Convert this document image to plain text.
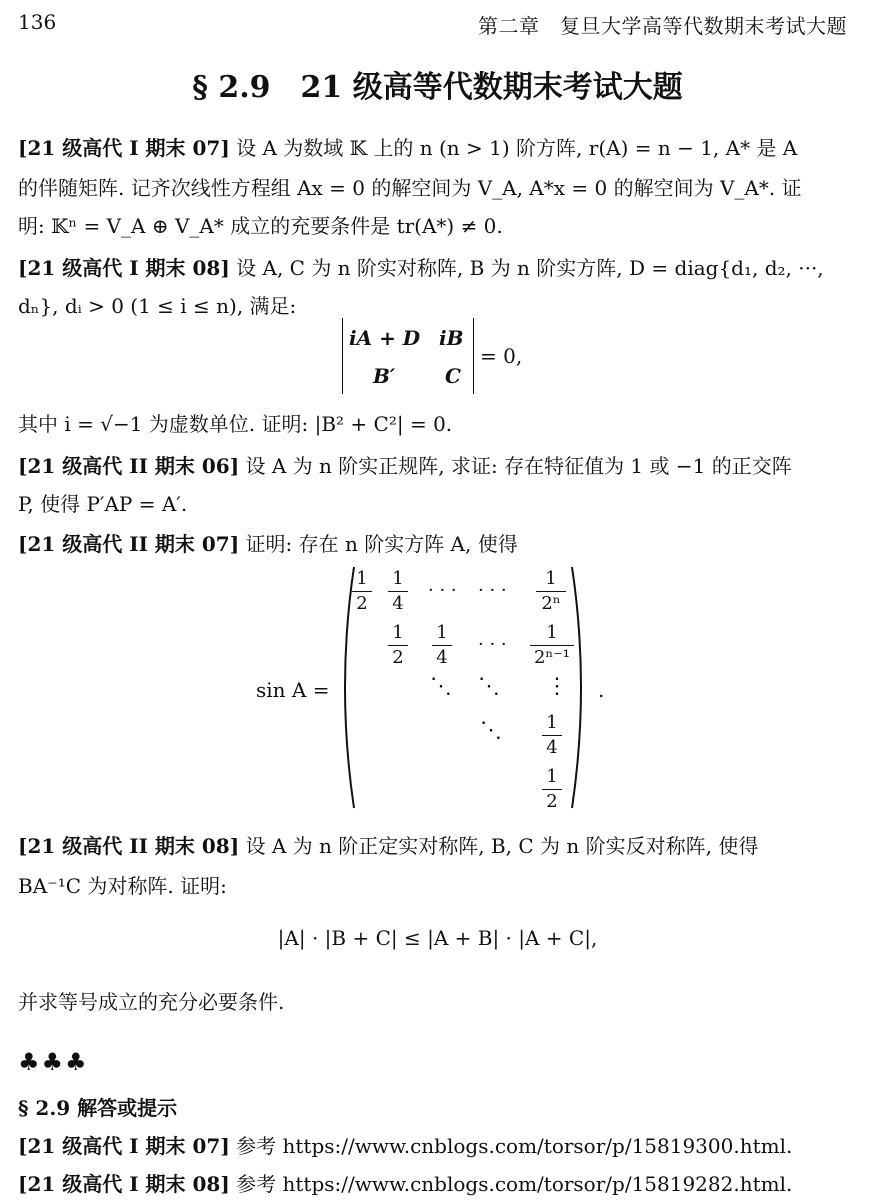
136	第二章　复旦大学高等代数期末考试大题
§ 2.9　21 级高等代数期末考试大题
[21 级高代 I 期末 07] 设 A 为数域 𝕂 上的 n (n > 1) 阶方阵, r(A) = n − 1, A* 是 A
的伴随矩阵. 记齐次线性方程组 Ax = 0 的解空间为 V_A, A*x = 0 的解空间为 V_A*. 证
明: 𝕂ⁿ = V_A ⊕ V_A* 成立的充要条件是 tr(A*) ≠ 0.
[21 级高代 I 期末 08] 设 A, C 为 n 阶实对称阵, B 为 n 阶实方阵, D = diag{d₁, d₂, ···,
dₙ}, dᵢ > 0 (1 ≤ i ≤ n), 满足:
iA + D iB
B′ C
= 0,
其中 i = √−1 为虚数单位. 证明: |B² + C²| = 0.
[21 级高代 II 期末 06] 设 A 为 n 阶实正规阵, 求证: 存在特征值为 1 或 −1 的正交阵
P, 使得 P′AP = A′.
[21 级高代 II 期末 07] 证明: 存在 n 阶实方阵 A, 使得
sin A =
1
2
1
4
· · · · · ·
1
2ⁿ
1
2
1
4
· · ·
1
2ⁿ⁻¹
⋱ ⋱ ⋮
⋱ 1
4
1
2
.
[21 级高代 II 期末 08] 设 A 为 n 阶正定实对称阵, B, C 为 n 阶实反对称阵, 使得
BA⁻¹C 为对称阵. 证明:
|A| · |B + C| ≤ |A + B| · |A + C|,
并求等号成立的充分必要条件.
♣♣♣
§ 2.9 解答或提示
[21 级高代 I 期末 07] 参考 https://www.cnblogs.com/torsor/p/15819300.html.
[21 级高代 I 期末 08] 参考 https://www.cnblogs.com/torsor/p/15819282.html.
